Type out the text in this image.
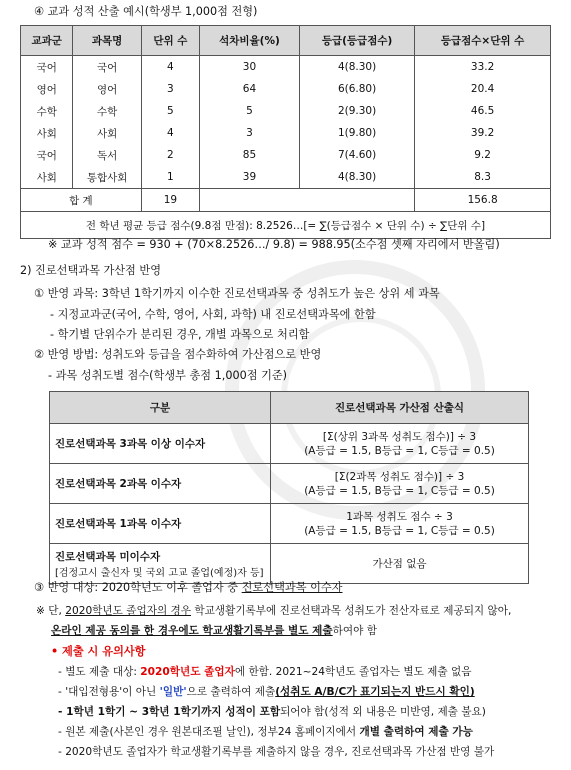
④ 교과 성적 산출 예시(학생부 1,000점 전형)
교과군	과목명	단위 수	석차비율(%)	등급(등급점수)	등급점수×단위 수
국어	국어	4	30	4(8.30)	33.2
영어	영어	3	64	6(6.80)	20.4
수학	수학	5	5	2(9.30)	46.5
사회	사회	4	3	1(9.80)	39.2
국어	독서	2	85	7(4.60)	9.2
사회	통합사회	1	39	4(8.30)	8.3
합 계		19			156.8
전 학년 평균 등급 점수(9.8점 만점): 8.2526…[= ∑(등급점수 × 단위 수) ÷ ∑단위 수]					
※ 교과 성적 점수 = 930 + (70×8.2526…/ 9.8) = 988.95(소수점 셋째 자리에서 반올림)
2) 진로선택과목 가산점 반영
① 반영 과목: 3학년 1학기까지 이수한 진로선택과목 중 성취도가 높은 상위 세 과목
- 지정교과군(국어, 수학, 영어, 사회, 과학) 내 진로선택과목에 한함
- 학기별 단위수가 분리된 경우, 개별 과목으로 처리함
② 반영 방법: 성취도와 등급을 점수화하여 가산점으로 반영
- 과목 성취도별 점수(학생부 총점 1,000점 기준)
구분	진로선택과목 가산점 산출식
진로선택과목 3과목 이상 이수자	[Σ(상위 3과목 성취도 점수)] ÷ 3
(A등급 = 1.5, B등급 = 1, C등급 = 0.5)
진로선택과목 2과목 이수자	[Σ(2과목 성취도 점수)] ÷ 3
(A등급 = 1.5, B등급 = 1, C등급 = 0.5)
진로선택과목 1과목 이수자	1과목 성취도 점수 ÷ 3
(A등급 = 1.5, B등급 = 1, C등급 = 0.5)
진로선택과목 미이수자
[검정고시 출신자 및 국외 고교 졸업(예정)자 등]	가산점 없음
③ 반영 대상: 2020학년도 이후 졸업자 중 진로선택과목 이수자
※ 단, 2020학년도 졸업자의 경우 학교생활기록부에 진로선택과목 성취도가 전산자료로 제공되지 않아,
온라인 제공 동의를 한 경우에도 학교생활기록부를 별도 제출하여야 함
• 제출 시 유의사항
- 별도 제출 대상: 2020학년도 졸업자에 한함. 2021~24학년도 졸업자는 별도 제출 없음
- '대입전형용'이 아닌 '일반'으로 출력하여 제출(성취도 A/B/C가 표기되는지 반드시 확인)
- 1학년 1학기 ~ 3학년 1학기까지 성적이 포함되어야 함(성적 외 내용은 미반영, 제출 불요)
- 원본 제출(사본인 경우 원본대조필 날인), 정부24 홈페이지에서 개별 출력하여 제출 가능
- 2020학년도 졸업자가 학교생활기록부를 제출하지 않을 경우, 진로선택과목 가산점 반영 불가
